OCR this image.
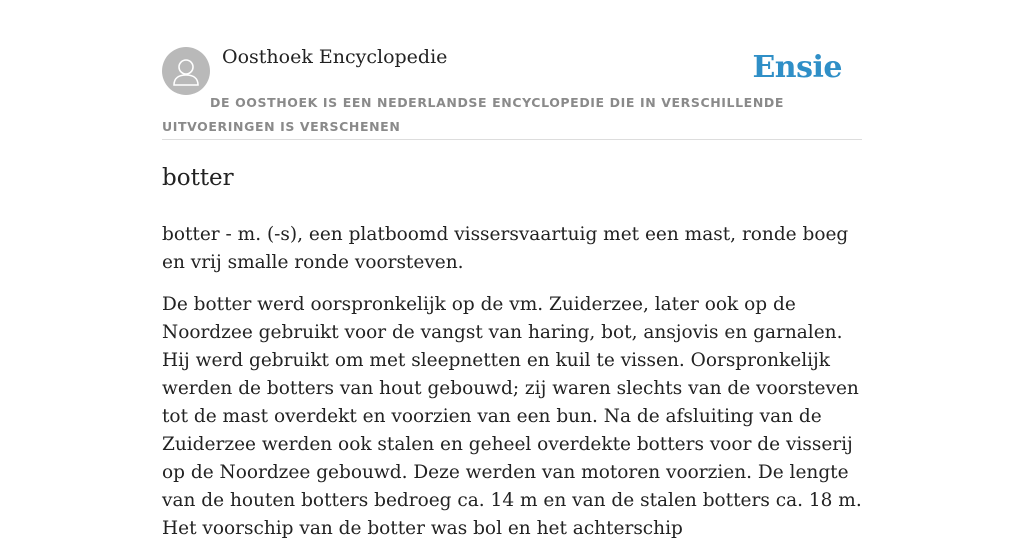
Oosthoek Encyclopedie	Ensie
DE OOSTHOEK IS EEN NEDERLANDSE ENCYCLOPEDIE DIE IN VERSCHILLENDE UITVOERINGEN IS VERSCHENEN
botter

botter - m. (-s), een platboomd vissersvaartuig met een mast, ronde boeg en vrij smalle ronde voorsteven.

De botter werd oorspronkelijk op de vm. Zuiderzee, later ook op de Noordzee gebruikt voor de vangst van haring, bot, ansjovis en garnalen. Hij werd gebruikt om met sleepnetten en kuil te vissen. Oorspronkelijk werden de botters van hout gebouwd; zij waren slechts van de voorsteven tot de mast overdekt en voorzien van een bun. Na de afsluiting van de Zuiderzee werden ook stalen en geheel overdekte botters voor de visserij op de Noordzee gebouwd. Deze werden van motoren voorzien. De lengte van de houten botters bedroeg ca. 14 m en van de stalen botters ca. 18 m. Het voorschip van de botter was bol en het achterschip
